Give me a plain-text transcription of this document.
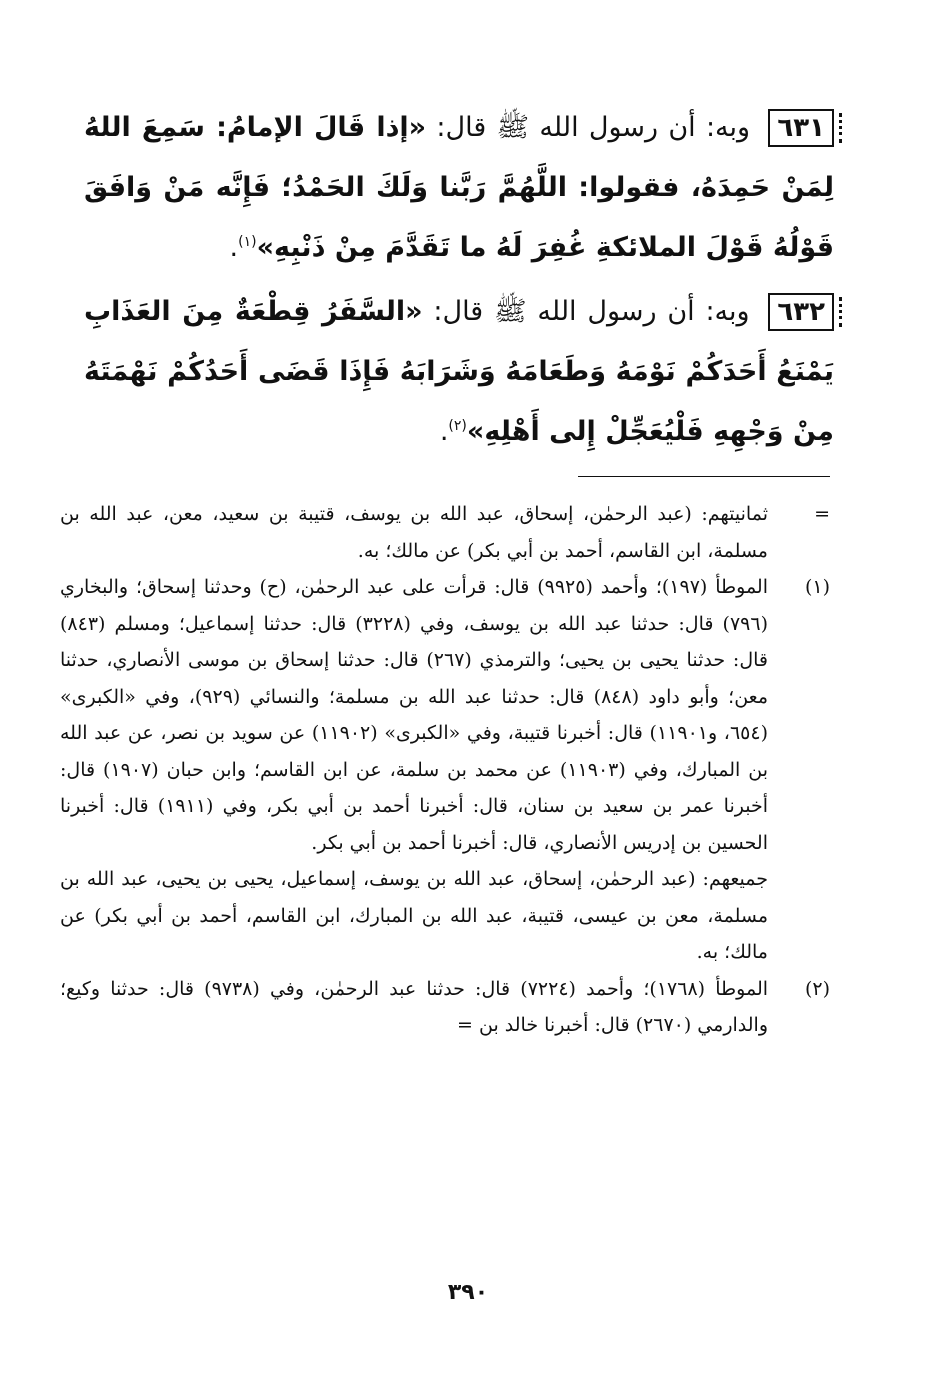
٦٣١ وبه: أن رسول الله ﷺ قال: «إذا قَالَ الإمامُ: سَمِعَ اللهُ لِمَنْ حَمِدَهُ، فقولوا: اللَّهُمَّ رَبَّنا وَلَكَ الحَمْدُ؛ فَإِنَّه مَنْ وَافَقَ قَوْلُهُ قَوْلَ الملائكةِ غُفِرَ لَهُ ما تَقَدَّمَ مِنْ ذَنْبِهِ»$^{(١)}$.

٦٣٢ وبه: أن رسول الله ﷺ قال: «السَّفَرُ قِطْعَةٌ مِنَ العَذَابِ يَمْنَعُ أَحَدَكُمْ نَوْمَهُ وَطَعَامَهُ وَشَرَابَهُ فَإِذَا قَضَى أَحَدُكُمْ نَهْمَتَهُ مِنْ وَجْهِهِ فَلْيُعَجِّلْ إِلى أَهْلِهِ»$^{(٢)}$.

=
ثمانيتهم: (عبد الرحمٰن، إسحاق، عبد الله بن يوسف، قتيبة بن سعيد، معن، عبد الله بن مسلمة، ابن القاسم، أحمد بن أبي بكر) عن مالك؛ به.
(١)
الموطأ (١٩٧)؛ وأحمد (٩٩٢٥) قال: قرأت على عبد الرحمٰن، (ح) وحدثنا إسحاق؛ والبخاري (٧٩٦) قال: حدثنا عبد الله بن يوسف، وفي (٣٢٢٨) قال: حدثنا إسماعيل؛ ومسلم (٨٤٣) قال: حدثنا يحيى بن يحيى؛ والترمذي (٢٦٧) قال: حدثنا إسحاق بن موسى الأنصاري، حدثنا معن؛ وأبو داود (٨٤٨) قال: حدثنا عبد الله بن مسلمة؛ والنسائي (٩٢٩)، وفي «الكبرى» (٦٥٤، و١١٩٠١) قال: أخبرنا قتيبة، وفي «الكبرى» (١١٩٠٢) عن سويد بن نصر، عن عبد الله بن المبارك، وفي (١١٩٠٣) عن محمد بن سلمة، عن ابن القاسم؛ وابن حبان (١٩٠٧) قال: أخبرنا عمر بن سعيد بن سنان، قال: أخبرنا أحمد بن أبي بكر، وفي (١٩١١) قال: أخبرنا الحسين بن إدريس الأنصاري، قال: أخبرنا أحمد بن أبي بكر.
جميعهم: (عبد الرحمٰن، إسحاق، عبد الله بن يوسف، إسماعيل، يحيى بن يحيى، عبد الله بن مسلمة، معن بن عيسى، قتيبة، عبد الله بن المبارك، ابن القاسم، أحمد بن أبي بكر) عن مالك؛ به.
(٢)
الموطأ (١٧٦٨)؛ وأحمد (٧٢٢٤) قال: حدثنا عبد الرحمٰن، وفي (٩٧٣٨) قال: حدثنا وكيع؛ والدارمي (٢٦٧٠) قال: أخبرنا خالد بن =
٣٩٠
